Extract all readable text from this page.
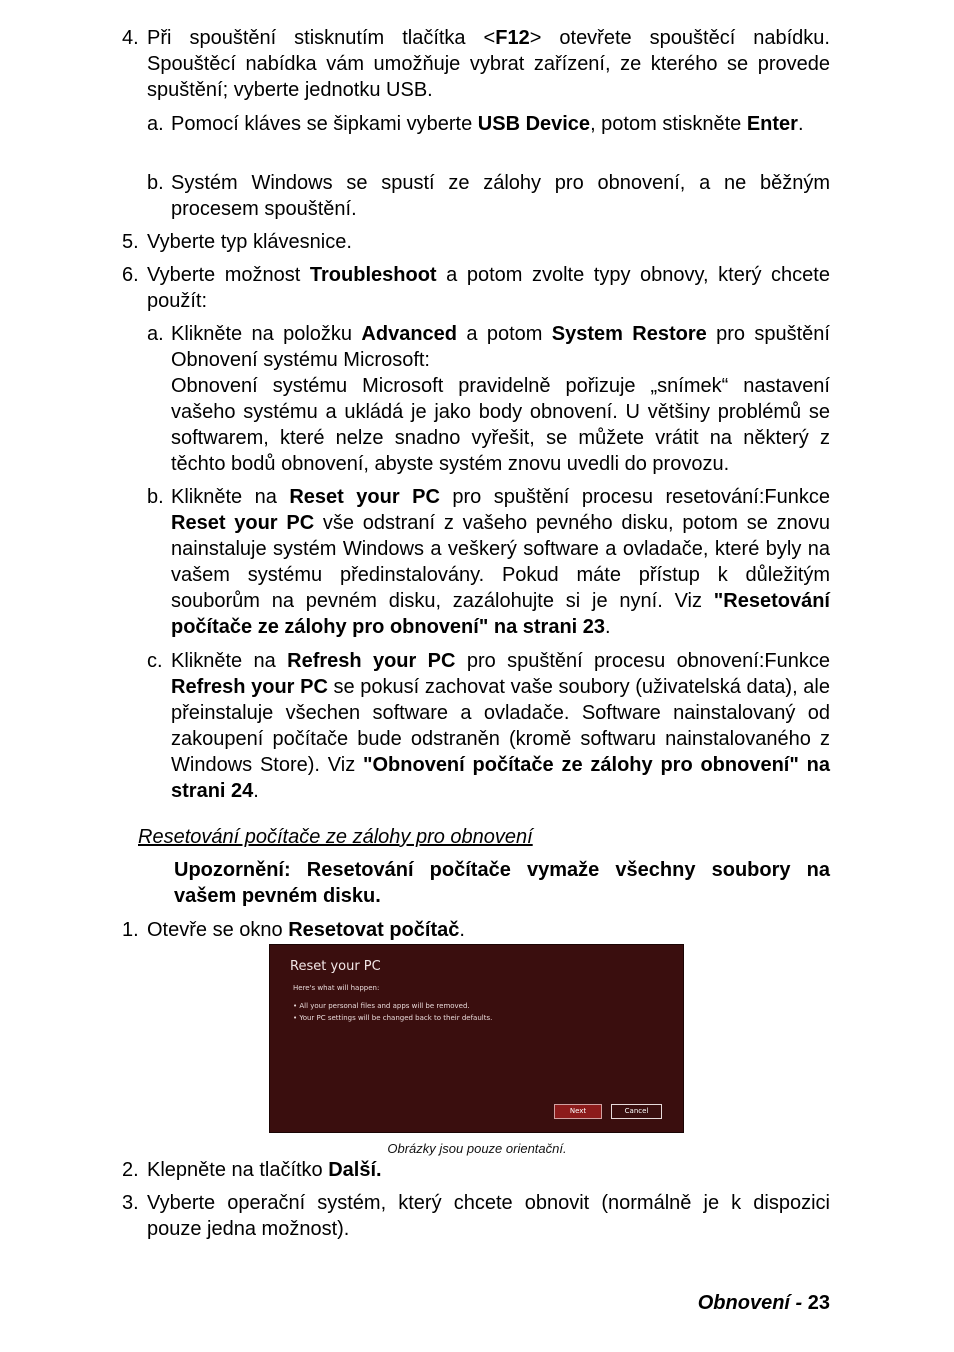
4. Při spouštění stisknutím tlačítka <F12> otevřete spouštěcí nabídku. Spouštěcí nabídka vám umožňuje vybrat zařízení, ze kterého se provede spuštění; vyberte jednotku USB.
a. Pomocí kláves se šipkami vyberte USB Device, potom stiskněte Enter.
b. Systém Windows se spustí ze zálohy pro obnovení, a ne běžným procesem spouštění.
5. Vyberte typ klávesnice.
6. Vyberte možnost Troubleshoot a potom zvolte typy obnovy, který chcete použít:
a. Klikněte na položku Advanced a potom System Restore pro spuštění Obnovení systému Microsoft:
Obnovení systému Microsoft pravidelně pořizuje „snímek“ nastavení vašeho systému a ukládá je jako body obnovení. U většiny problémů se softwarem, které nelze snadno vyřešit, se můžete vrátit na některý z těchto bodů obnovení, abyste systém znovu uvedli do provozu.
b. Klikněte na Reset your PC pro spuštění procesu resetování:Funkce Reset your PC vše odstraní z vašeho pevného disku, potom se znovu nainstaluje systém Windows a veškerý software a ovladače, které byly na vašem systému předinstalovány. Pokud máte přístup k důležitým souborům na pevném disku, zazálohujte si je nyní. Viz "Resetování počítače ze zálohy pro obnovení" na strani 23.
c. Klikněte na Refresh your PC pro spuštění procesu obnovení:Funkce Refresh your PC se pokusí zachovat vaše soubory (uživatelská data), ale přeinstaluje všechen software a ovladače. Software nainstalovaný od zakoupení počítače bude odstraněn (kromě softwaru nainstalovaného z Windows Store). Viz "Obnovení počítače ze zálohy pro obnovení" na strani 24.
Resetování počítače ze zálohy pro obnovení
Upozornění: Resetování počítače vymaže všechny soubory na vašem pevném disku.
1. Otevře se okno Resetovat počítač.
Reset your PC
Here's what will happen:
• All your personal files and apps will be removed.
• Your PC settings will be changed back to their defaults.
Next	Cancel
Obrázky jsou pouze orientační.
2. Klepněte na tlačítko Další.
3. Vyberte operační systém, který chcete obnovit (normálně je k dispozici pouze jedna možnost).
Obnovení - 23
